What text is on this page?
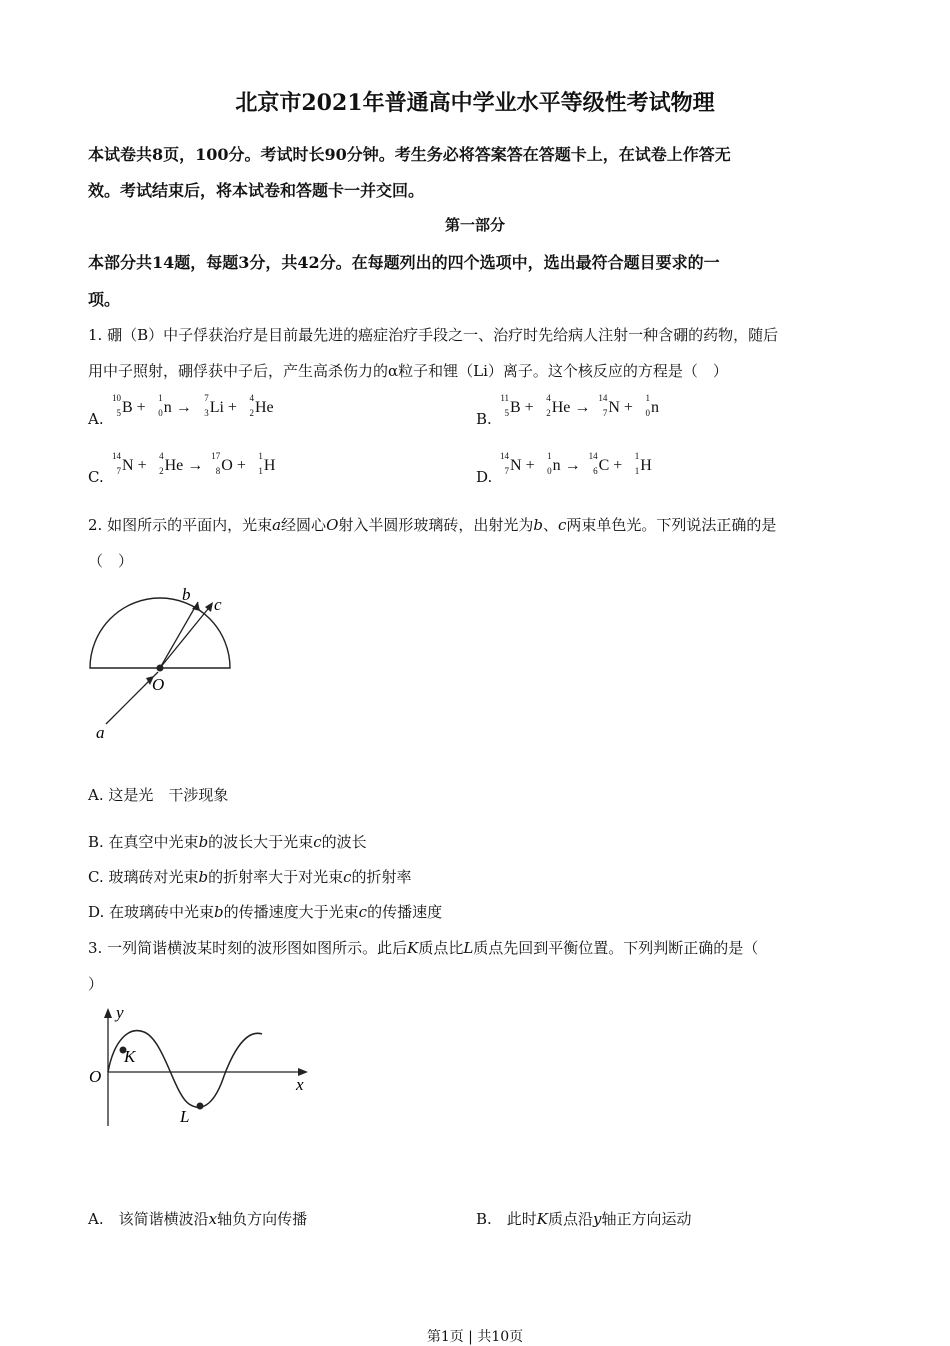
北京市2021年普通高中学业水平等级性考试物理
本试卷共8页，100分。考试时长90分钟。考生务必将答案答在答题卡上，在试卷上作答无
效。考试结束后，将本试卷和答题卡一并交回。
第一部分
本部分共14题，每题3分，共42分。在每题列出的四个选项中，选出最符合题目要求的一
项。
1. 硼（B）中子俘获治疗是目前最先进的癌症治疗手段之一、治疗时先给病人注射一种含硼的药物，随后
用中子照射，硼俘获中子后，产生高杀伤力的α粒子和锂（Li）离子。这个核反应的方程是（　）
A.
10
5 B +
1
0 n →
7
3 Li +
4
2 He
B.
11
5 B +
4
2 He →
14
7 N +
1
0 n
C.
14
7 N +
4
2 He →
17
8 O +
1
1 H
D.
14
7 N +
1
0 n →
14
6 C +
1
1 H
2. 如图所示的平面内，光束a经圆心O射入半圆形玻璃砖，出射光为b、c两束单色光。下列说法正确的是
（　）
b
c
O
a
A. 这是光　干涉现象
B. 在真空中光束b的波长大于光束c的波长
C. 玻璃砖对光束b的折射率大于对光束c的折射率
D. 在玻璃砖中光束b的传播速度大于光束c的传播速度
3. 一列简谐横波某时刻的波形图如图所示。此后K质点比L质点先回到平衡位置。下列判断正确的是（
）
y
K
O	x
L
A.　该简谐横波沿x轴负方向传播	B.　此时K质点沿y轴正方向运动
第1页 | 共10页
